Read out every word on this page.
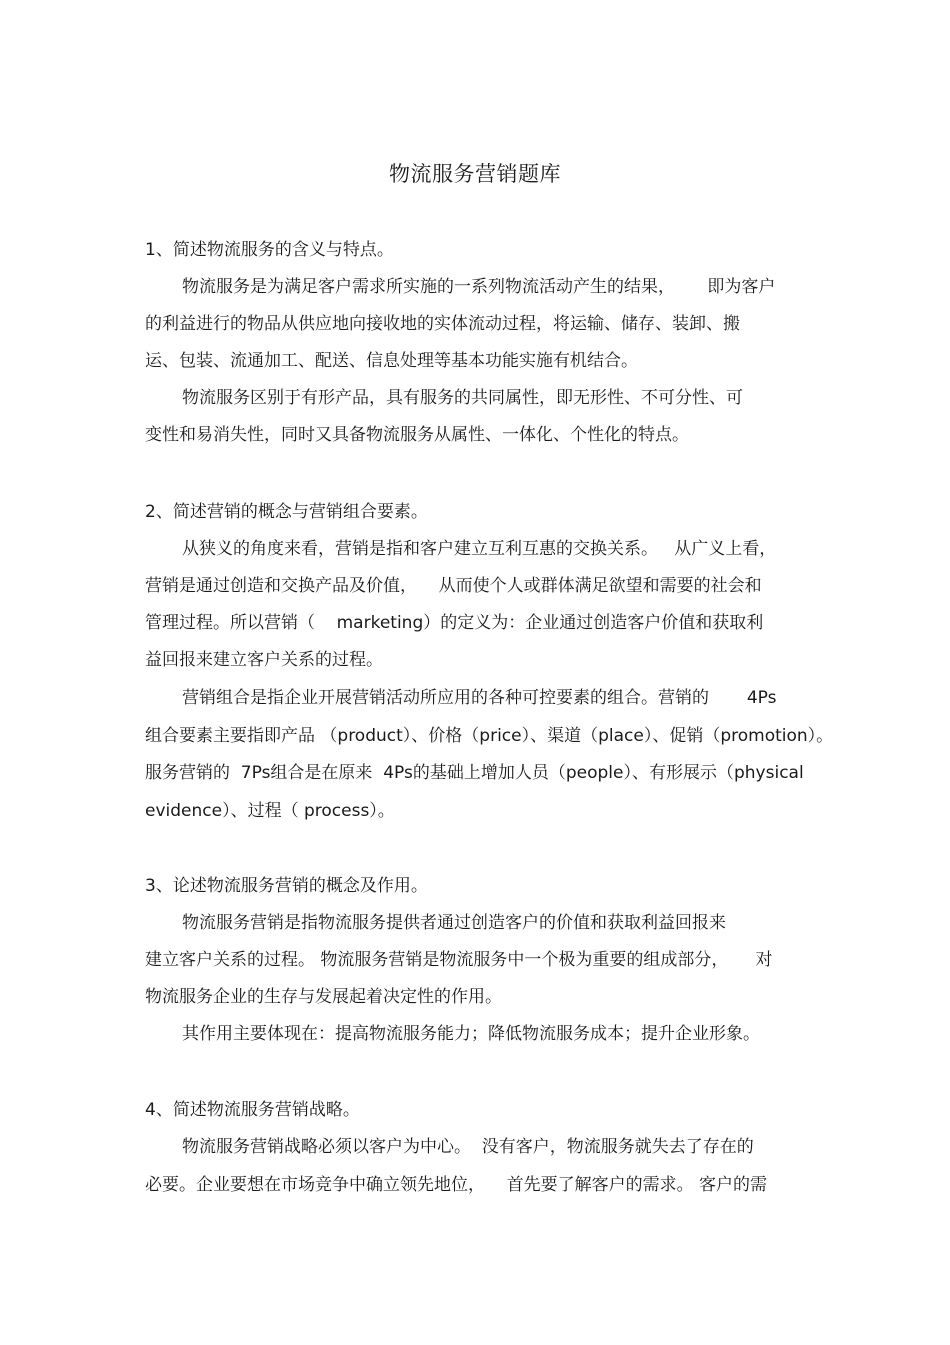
物流服务营销题库
1、简述物流服务的含义与特点。
物流服务是为满足客户需求所实施的一系列物流活动产生的结果，      即为客户
的利益进行的物品从供应地向接收地的实体流动过程，将运输、储存、装卸、搬
运、包装、流通加工、配送、信息处理等基本功能实施有机结合。
物流服务区别于有形产品，具有服务的共同属性，即无形性、不可分性、可
变性和易消失性，同时又具备物流服务从属性、一体化、个性化的特点。
2、简述营销的概念与营销组合要素。
从狭义的角度来看，营销是指和客户建立互利互惠的交换关系。   从广义上看，
营销是通过创造和交换产品及价值，    从而使个人或群体满足欲望和需要的社会和
管理过程。所以营销（    marketing）的定义为：企业通过创造客户价值和获取利
益回报来建立客户关系的过程。
营销组合是指企业开展营销活动所应用的各种可控要素的组合。营销的       4Ps
组合要素主要指即产品 （product）、价格（price）、渠道（place）、促销（promotion）。
服务营销的  7Ps组合是在原来  4Ps的基础上增加人员（people）、有形展示（physical
evidence）、过程（ process）。
3、论述物流服务营销的概念及作用。
物流服务营销是指物流服务提供者通过创造客户的价值和获取利益回报来
建立客户关系的过程。 物流服务营销是物流服务中一个极为重要的组成部分，     对
物流服务企业的生存与发展起着决定性的作用。
其作用主要体现在：提高物流服务能力；降低物流服务成本；提升企业形象。
4、简述物流服务营销战略。
物流服务营销战略必须以客户为中心。  没有客户，物流服务就失去了存在的
必要。企业要想在市场竞争中确立领先地位，    首先要了解客户的需求。 客户的需
